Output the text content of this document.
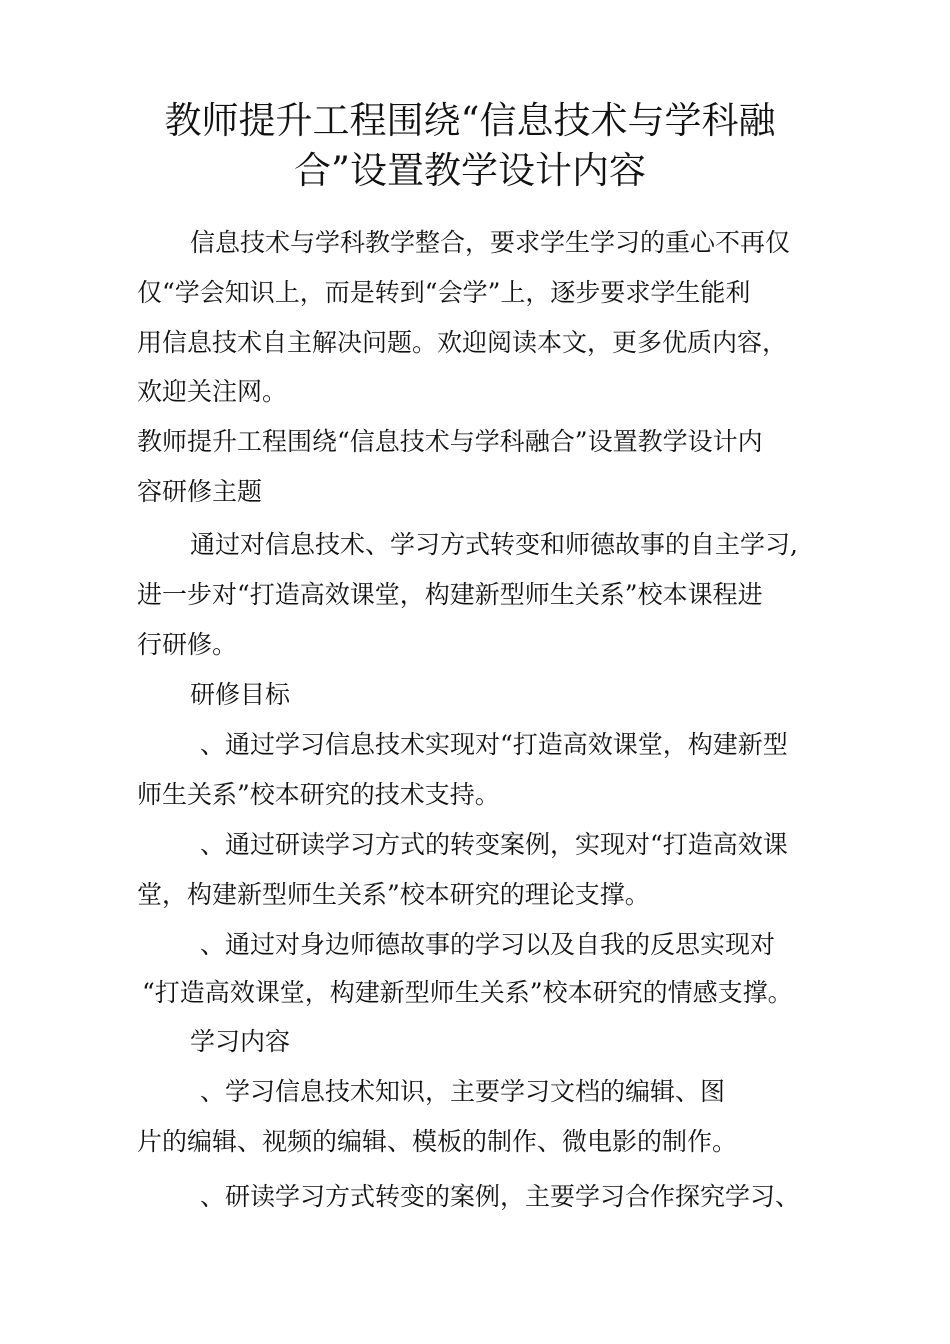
教师提升工程围绕“信息技术与学科融
合”设置教学设计内容

信息技术与学科教学整合，要求学生学习的重心不再仅

仅“学会知识上，而是转到“会学”上，逐步要求学生能利

用信息技术自主解决问题。欢迎阅读本文，更多优质内容，

欢迎关注网。

教师提升工程围绕“信息技术与学科融合”设置教学设计内

容研修主题

通过对信息技术、学习方式转变和师德故事的自主学习,

进一步对“打造高效课堂，构建新型师生关系”校本课程进

行研修。

研修目标

、通过学习信息技术实现对“打造高效课堂，构建新型

师生关系”校本研究的技术支持。

、通过研读学习方式的转变案例，实现对“打造高效课

堂，构建新型师生关系”校本研究的理论支撑。

、通过对身边师德故事的学习以及自我的反思实现对

“打造高效课堂，构建新型师生关系”校本研究的情感支撑。

学习内容

、学习信息技术知识，主要学习文档的编辑、图

片的编辑、视频的编辑、模板的制作、微电影的制作。

、研读学习方式转变的案例，主要学习合作探究学习、
